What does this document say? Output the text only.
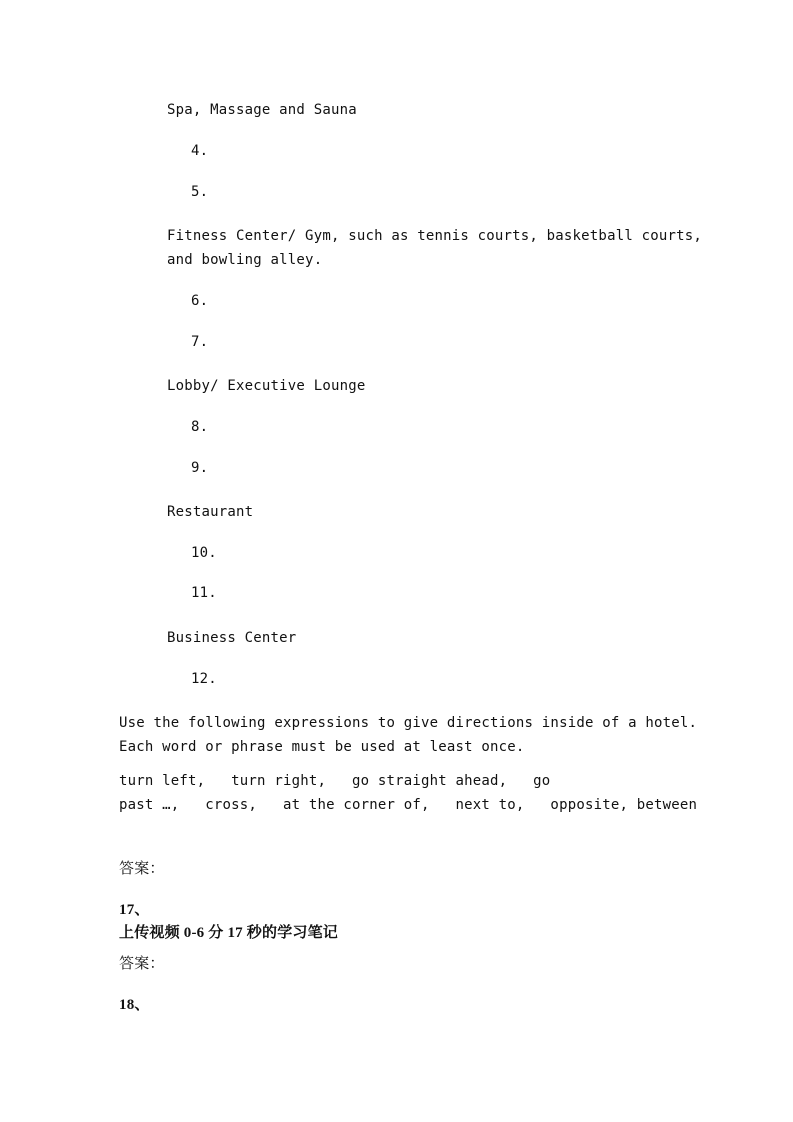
Spa, Massage and Sauna
4.
5.
Fitness Center/ Gym, such as tennis courts, basketball courts,
and bowling alley.
6.
7.
Lobby/ Executive Lounge
8.
9.
Restaurant
10.
11.
Business Center
12.
Use the following expressions to give directions inside of a hotel.
Each word or phrase must be used at least once.
turn left,   turn right,   go straight ahead,   go
past …,   cross,   at the corner of,   next to,   opposite, between
答案：
17、
上传视频 0-6 分 17 秒的学习笔记
答案：
18、
